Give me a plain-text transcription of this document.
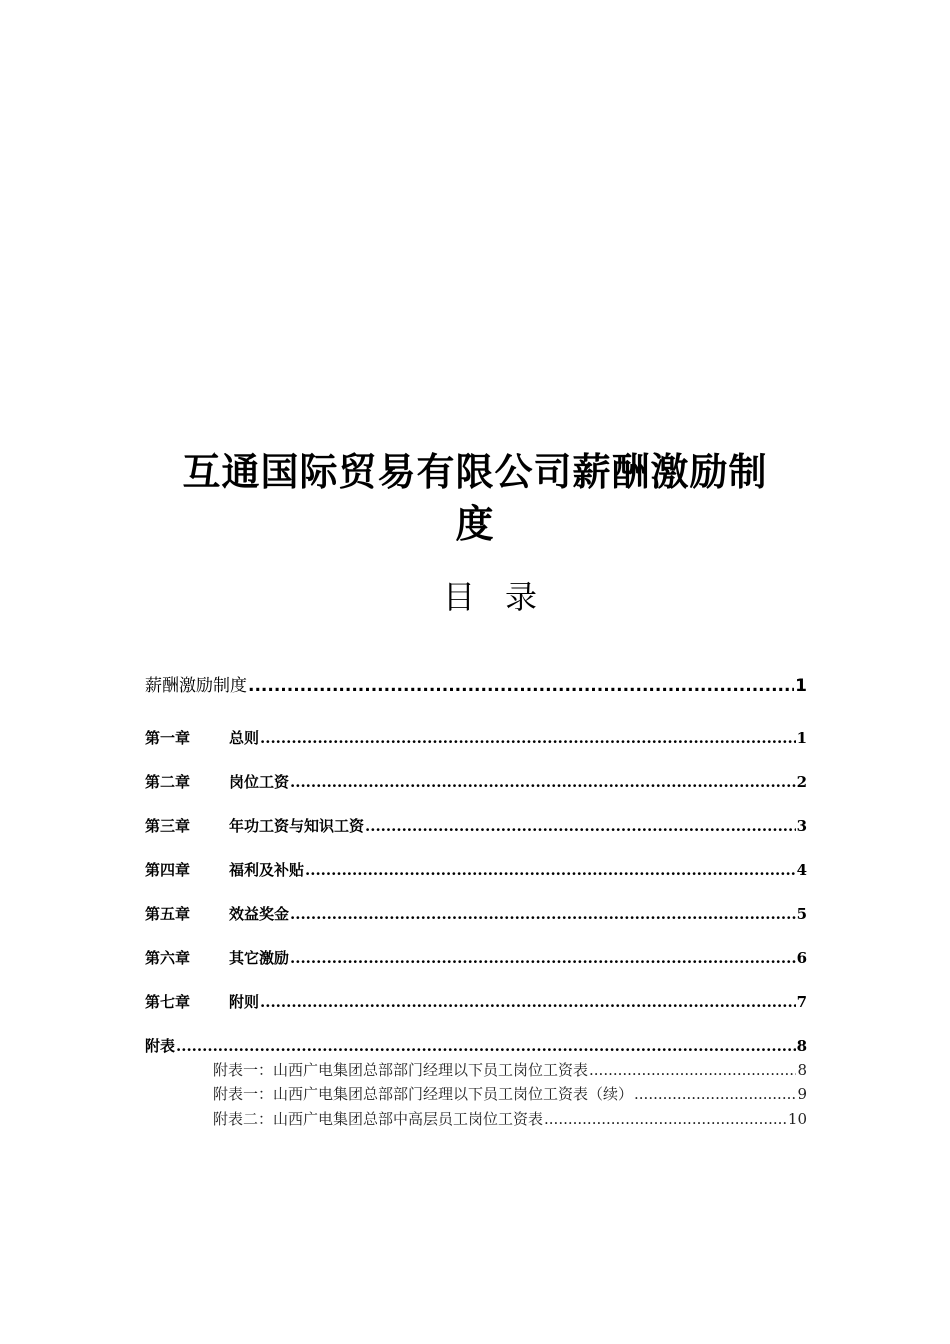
互通国际贸易有限公司薪酬激励制
度
目录
薪酬激励制度 .....	1
第一章	总则 .....	1
第二章	岗位工资 .....	2
第三章	年功工资与知识工资 .....	3
第四章	福利及补贴 .....	4
第五章	效益奖金 .....	5
第六章	其它激励 .....	6
第七章	附则 .....	7
附表 .....	8
附表一：山西广电集团总部部门经理以下员工岗位工资表 .....	8
附表一：山西广电集团总部部门经理以下员工岗位工资表（续） .....	9
附表二：山西广电集团总部中高层员工岗位工资表 .....	10
